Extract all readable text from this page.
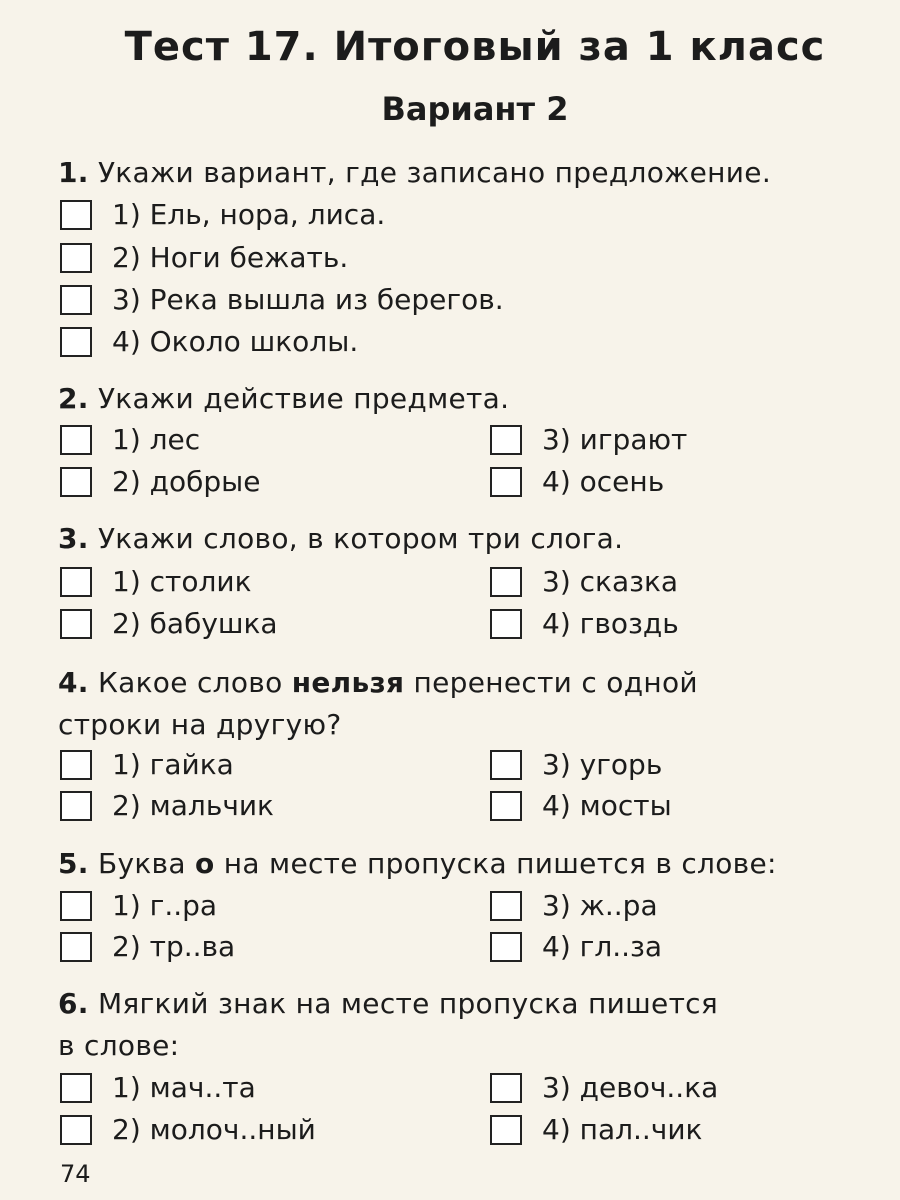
Тест 17. Итоговый за 1 класс
Вариант 2
1. Укажи вариант, где записано предложение.
1) Ель, нора, лиса.
2) Ноги бежать.
3) Река вышла из берегов.
4) Около школы.
2. Укажи действие предмета.
1) лес
2) добрые
3) играют
4) осень
3. Укажи слово, в котором три слога.
1) столик
2) бабушка
3) сказка
4) гвоздь
4. Какое слово нельзя перенести с одной
строки на другую?
1) гайка
2) мальчик
3) угорь
4) мосты
5. Буква о на месте пропуска пишется в слове:
1) г..ра
2) тр..ва
3) ж..ра
4) гл..за
6. Мягкий знак на месте пропуска пишется
в слове:
1) мач..та
2) молоч..ный
3) девоч..ка
4) пал..чик
74
